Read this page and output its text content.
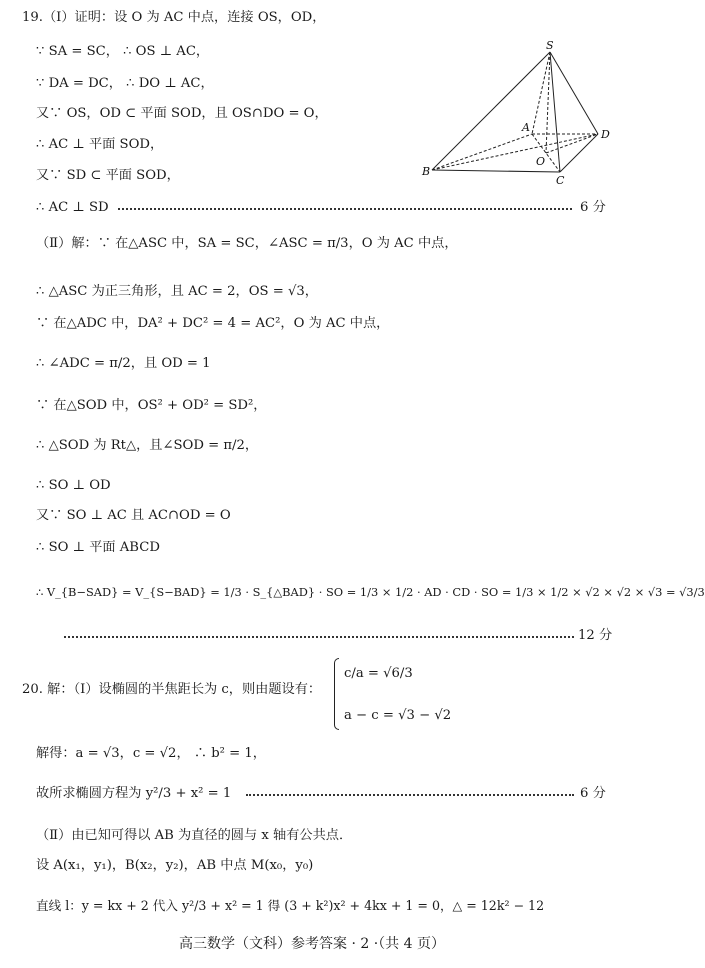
19.（Ⅰ）证明：设 O 为 AC 中点，连接 OS，OD，
∵ SA = SC， ∴ OS ⊥ AC，
∵ DA = DC， ∴ DO ⊥ AC，
又∵ OS，OD ⊂ 平面 SOD，且 OS∩DO = O，
∴ AC ⊥ 平面 SOD，
又∵ SD ⊂ 平面 SOD，
∴ AC ⊥ SD	6 分
S
A
D
O
B
C
（Ⅱ）解：∵ 在△ASC 中，SA = SC，∠ASC = π/3，O 为 AC 中点，
∴ △ASC 为正三角形，且 AC = 2，OS = √3，
∵ 在△ADC 中，DA² + DC² = 4 = AC²，O 为 AC 中点，
∴ ∠ADC = π/2，且 OD = 1
∵ 在△SOD 中，OS² + OD² = SD²，
∴ △SOD 为 Rt△，且∠SOD = π/2，
∴ SO ⊥ OD
又∵ SO ⊥ AC 且 AC∩OD = O
∴ SO ⊥ 平面 ABCD
∴ V_{B−SAD} = V_{S−BAD} = 1/3 · S_{△BAD} · SO = 1/3 × 1/2 · AD · CD · SO = 1/3 × 1/2 × √2 × √2 × √3 = √3/3
12 分
20. 解：（Ⅰ）设椭圆的半焦距长为 c，则由题设有：
c/a = √6/3
a − c = √3 − √2
解得：a = √3，c = √2， ∴ b² = 1，
故所求椭圆方程为 y²/3 + x² = 1	6 分
（Ⅱ）由已知可得以 AB 为直径的圆与 x 轴有公共点．
设 A(x₁，y₁)，B(x₂，y₂)，AB 中点 M(x₀，y₀)
直线 l：y = kx + 2 代入 y²/3 + x² = 1 得 (3 + k²)x² + 4kx + 1 = 0，△ = 12k² − 12
高三数学（文科）参考答案 · 2 ·（共 4 页）
